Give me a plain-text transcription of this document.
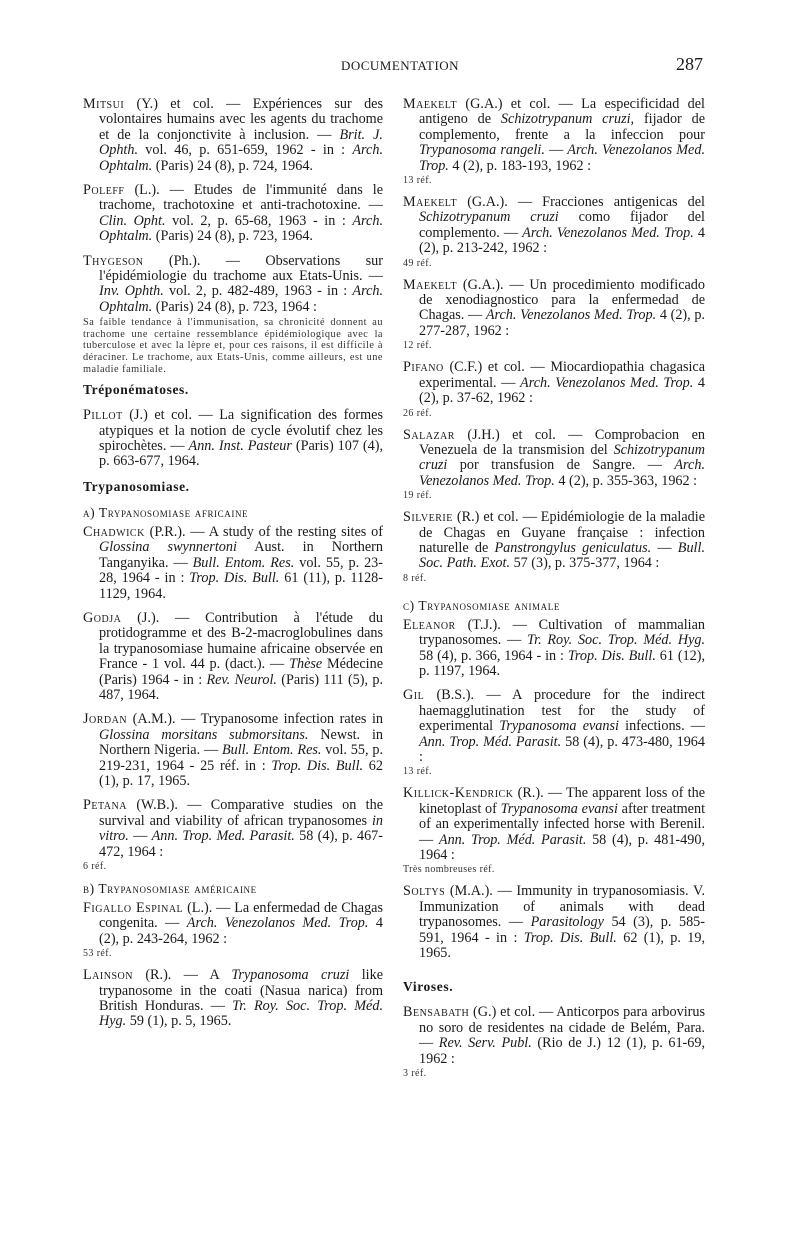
DOCUMENTATION	287

Mitsui (Y.) et col. — Expériences sur des volontaires humains avec les agents du trachome et de la conjonctivite à inclusion. — Brit. J. Ophth. vol. 46, p. 651-659, 1962 - in : Arch. Ophtalm. (Paris) 24 (8), p. 724, 1964.

Poleff (L.). — Etudes de l'immunité dans le trachome, trachotoxine et anti-trachotoxine. — Clin. Opht. vol. 2, p. 65-68, 1963 - in : Arch. Ophtalm. (Paris) 24 (8), p. 723, 1964.

Thygeson (Ph.). — Observations sur l'épidémiologie du trachome aux Etats-Unis. — Inv. Ophth. vol. 2, p. 482-489, 1963 - in : Arch. Ophtalm. (Paris) 24 (8), p. 723, 1964 :

Sa faible tendance à l'immunisation, sa chronicité donnent au trachome une certaine ressemblance épidémiologique avec la tuberculose et avec la lèpre et, pour ces raisons, il est difficile à déraciner. Le trachome, aux Etats-Unis, comme ailleurs, est une maladie familiale.

Tréponématoses.

Pillot (J.) et col. — La signification des formes atypiques et la notion de cycle évolutif chez les spirochètes. — Ann. Inst. Pasteur (Paris) 107 (4), p. 663-677, 1964.

Trypanosomiase.
a) Trypanosomiase africaine

Chadwick (P.R.). — A study of the resting sites of Glossina swynnertoni Aust. in Northern Tanganyika. — Bull. Entom. Res. vol. 55, p. 23-28, 1964 - in : Trop. Dis. Bull. 61 (11), p. 1128-1129, 1964.

Godja (J.). — Contribution à l'étude du protidogramme et des B-2-macroglobulines dans la trypanosomiase humaine africaine observée en France - 1 vol. 44 p. (dact.). — Thèse Médecine (Paris) 1964 - in : Rev. Neurol. (Paris) 111 (5), p. 487, 1964.

Jordan (A.M.). — Trypanosome infection rates in Glossina morsitans submorsitans. Newst. in Northern Nigeria. — Bull. Entom. Res. vol. 55, p. 219-231, 1964 - 25 réf. in : Trop. Dis. Bull. 62 (1), p. 17, 1965.

Petana (W.B.). — Comparative studies on the survival and viability of african trypanosomes in vitro. — Ann. Trop. Med. Parasit. 58 (4), p. 467-472, 1964 :

6 réf.

b) Trypanosomiase américaine

Figallo Espinal (L.). — La enfermedad de Chagas congenita. — Arch. Venezolanos Med. Trop. 4 (2), p. 243-264, 1962 :

53 réf.

Lainson (R.). — A Trypanosoma cruzi like trypanosome in the coati (Nasua narica) from British Honduras. — Tr. Roy. Soc. Trop. Méd. Hyg. 59 (1), p. 5, 1965.

Maekelt (G.A.) et col. — La especificidad del antigeno de Schizotrypanum cruzi, fijador de complemento, frente a la infeccion pour Trypanosoma rangeli. — Arch. Venezolanos Med. Trop. 4 (2), p. 183-193, 1962 :

13 réf.

Maekelt (G.A.). — Fracciones antigenicas del Schizotrypanum cruzi como fijador del complemento. — Arch. Venezolanos Med. Trop. 4 (2), p. 213-242, 1962 :

49 réf.

Maekelt (G.A.). — Un procedimiento modificado de xenodiagnostico para la enfermedad de Chagas. — Arch. Venezolanos Med. Trop. 4 (2), p. 277-287, 1962 :

12 réf.

Pifano (C.F.) et col. — Miocardiopathia chagasica experimental. — Arch. Venezolanos Med. Trop. 4 (2), p. 37-62, 1962 :

26 réf.

Salazar (J.H.) et col. — Comprobacion en Venezuela de la transmision del Schizotrypanum cruzi por transfusion de Sangre. — Arch. Venezolanos Med. Trop. 4 (2), p. 355-363, 1962 :

19 réf.

Silverie (R.) et col. — Epidémiologie de la maladie de Chagas en Guyane française : infection naturelle de Panstrongylus geniculatus. — Bull. Soc. Path. Exot. 57 (3), p. 375-377, 1964 :

8 réf.

c) Trypanosomiase animale

Eleanor (T.J.). — Cultivation of mammalian trypanosomes. — Tr. Roy. Soc. Trop. Méd. Hyg. 58 (4), p. 366, 1964 - in : Trop. Dis. Bull. 61 (12), p. 1197, 1964.

Gil (B.S.). — A procedure for the indirect haemagglutination test for the study of experimental Trypanosoma evansi infections. — Ann. Trop. Méd. Parasit. 58 (4), p. 473-480, 1964 :

13 réf.

Killick-Kendrick (R.). — The apparent loss of the kinetoplast of Trypanosoma evansi after treatment of an experimentally infected horse with Berenil. — Ann. Trop. Méd. Parasit. 58 (4), p. 481-490, 1964 :

Très nombreuses réf.

Soltys (M.A.). — Immunity in trypanosomiasis. V. Immunization of animals with dead trypanosomes. — Parasitology 54 (3), p. 585-591, 1964 - in : Trop. Dis. Bull. 62 (1), p. 19, 1965.

Viroses.

Bensabath (G.) et col. — Anticorpos para arbovirus no soro de residentes na cidade de Belém, Para. — Rev. Serv. Publ. (Rio de J.) 12 (1), p. 61-69, 1962 :

3 réf.
